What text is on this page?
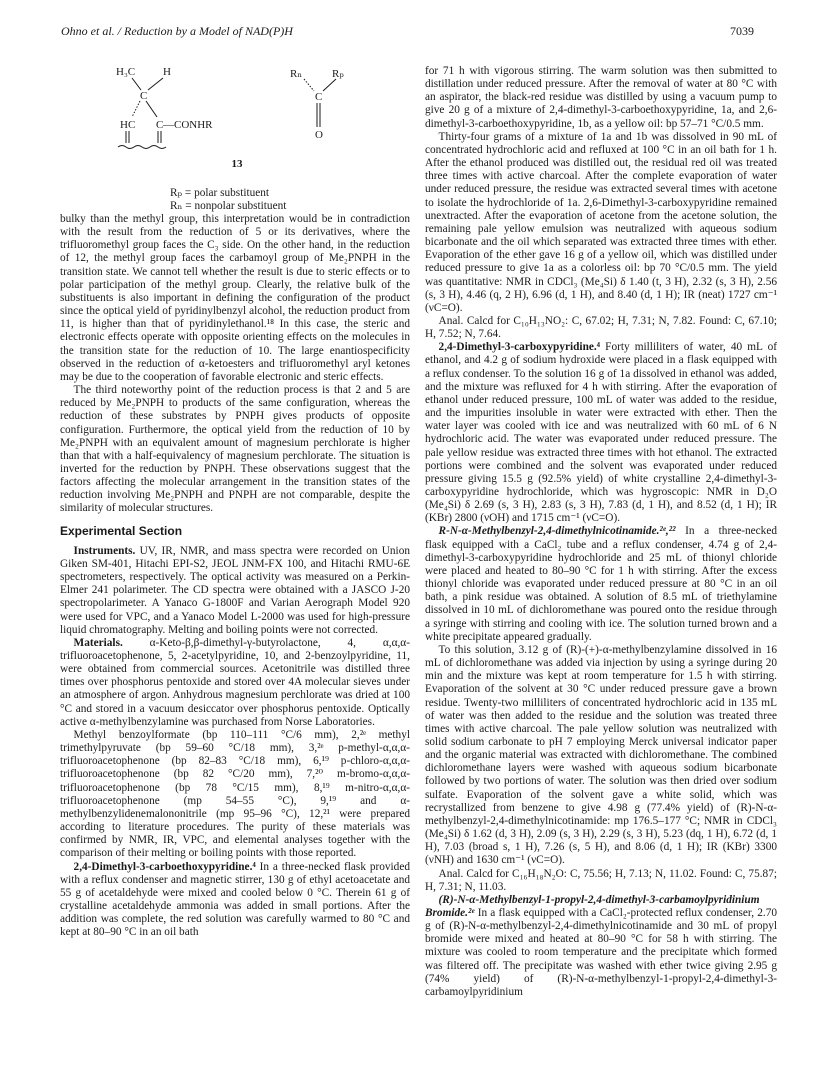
Ohno et al. / Reduction by a Model of NAD(P)H	7039
H₃C	H
C
HC C —CONHR
Rₙ	Rₚ
C
O
13
Rₚ = polar substituent
Rₙ = nonpolar substituent

bulky than the methyl group, this interpretation would be in contradiction with the result from the reduction of 5 or its derivatives, where the trifluoromethyl group faces the C₃ side. On the other hand, in the reduction of 12, the methyl group faces the carbamoyl group of Me₂PNPH in the transition state. We cannot tell whether the result is due to steric effects or to polar participation of the methyl group. Clearly, the relative bulk of the substituents is also important in defining the configuration of the product since the optical yield of pyridinylbenzyl alcohol, the reduction product from 11, is higher than that of pyridinylethanol.¹⁸ In this case, the steric and electronic effects operate with opposite orienting effects on the molecules in the transition state for the reduction of 10. The large enantiospecificity observed in the reduction of α-ketoesters and trifluoromethyl aryl ketones may be due to the cooperation of favorable electronic and steric effects.

The third noteworthy point of the reduction process is that 2 and 5 are reduced by Me₂PNPH to products of the same configuration, whereas the reduction of these substrates by PNPH gives products of opposite configuration. Furthermore, the optical yield from the reduction of 10 by Me₂PNPH with an equivalent amount of magnesium perchlorate is higher than that with a half-equivalency of magnesium perchlorate. The situation is inverted for the reduction by PNPH. These observations suggest that the factors affecting the molecular arrangement in the transition states of the reduction involving Me₂PNPH and PNPH are not comparable, despite the similarity of molecular structures.

Experimental Section

Instruments. UV, IR, NMR, and mass spectra were recorded on Union Giken SM-401, Hitachi EPI-S2, JEOL JNM-FX 100, and Hitachi RMU-6E spectrometers, respectively. The optical activity was measured on a Perkin-Elmer 241 polarimeter. The CD spectra were obtained with a JASCO J-20 spectropolarimeter. A Yanaco G-1800F and Varian Aerograph Model 920 were used for VPC, and a Yanaco Model L-2000 was used for high-pressure liquid chromatography. Melting and boiling points were not corrected.

Materials. α-Keto-β,β-dimethyl-γ-butyrolactone, 4, α,α,α-trifluoroacetophenone, 5, 2-acetylpyridine, 10, and 2-benzoylpyridine, 11, were obtained from commercial sources. Acetonitrile was distilled three times over phosphorus pentoxide and stored over 4A molecular sieves under an atmosphere of argon. Anhydrous magnesium perchlorate was dried at 100 °C and stored in a vacuum desiccator over phosphorus pentoxide. Optically active α-methylbenzylamine was purchased from Norse Laboratories.

Methyl benzoylformate (bp 110–111 °C/6 mm), 2,²ᵉ methyl trimethylpyruvate (bp 59–60 °C/18 mm), 3,²ᵉ p-methyl-α,α,α-trifluoroacetophenone (bp 82–83 °C/18 mm), 6,¹⁹ p-chloro-α,α,α-trifluoroacetophenone (bp 82 °C/20 mm), 7,²⁰ m-bromo-α,α,α-trifluoroacetophenone (bp 78 °C/15 mm), 8,¹⁹ m-nitro-α,α,α-trifluoroacetophenone (mp 54–55 °C), 9,¹⁹ and α-methylbenzylidenemalononitrile (mp 95–96 °C), 12,²¹ were prepared according to literature procedures. The purity of these materials was confirmed by NMR, IR, VPC, and elemental analyses together with the comparison of their melting or boiling points with those reported.

2,4-Dimethyl-3-carboethoxypyridine.⁴ In a three-necked flask provided with a reflux condenser and magnetic stirrer, 130 g of ethyl acetoacetate and 55 g of acetaldehyde were mixed and cooled below 0 °C. Therein 61 g of crystalline acetaldehyde ammonia was added in small portions. After the addition was complete, the red solution was carefully warmed to 80 °C and kept at 80–90 °C in an oil bath

for 71 h with vigorous stirring. The warm solution was then submitted to distillation under reduced pressure. After the removal of water at 80 °C with an aspirator, the black-red residue was distilled by using a vacuum pump to give 20 g of a mixture of 2,4-dimethyl-3-carboethoxypyridine, 1a, and 2,6-dimethyl-3-carboethoxypyridine, 1b, as a yellow oil: bp 57–71 °C/0.5 mm.

Thirty-four grams of a mixture of 1a and 1b was dissolved in 90 mL of concentrated hydrochloric acid and refluxed at 100 °C in an oil bath for 1 h. After the ethanol produced was distilled out, the residual red oil was treated three times with active charcoal. After the complete evaporation of water under reduced pressure, the residue was extracted several times with acetone to isolate the hydrochloride of 1a. 2,6-Dimethyl-3-carboxypyridine remained unextracted. After the evaporation of acetone from the acetone solution, the remaining pale yellow emulsion was neutralized with aqueous sodium bicarbonate and the oil which separated was extracted three times with ether. Evaporation of the ether gave 16 g of a yellow oil, which was distilled under reduced pressure to give 1a as a colorless oil: bp 70 °C/0.5 mm. The yield was quantitative: NMR in CDCl₃ (Me₄Si) δ 1.40 (t, 3 H), 2.32 (s, 3 H), 2.56 (s, 3 H), 4.46 (q, 2 H), 6.96 (d, 1 H), and 8.40 (d, 1 H); IR (neat) 1727 cm⁻¹ (νC=O).

Anal. Calcd for C₁₀H₁₃NO₂: C, 67.02; H, 7.31; N, 7.82. Found: C, 67.10; H, 7.52; N, 7.64.

2,4-Dimethyl-3-carboxypyridine.⁴ Forty milliliters of water, 40 mL of ethanol, and 4.2 g of sodium hydroxide were placed in a flask equipped with a reflux condenser. To the solution 16 g of 1a dissolved in ethanol was added, and the mixture was refluxed for 4 h with stirring. After the evaporation of ethanol under reduced pressure, 100 mL of water was added to the residue, and the impurities insoluble in water were extracted with ether. Then the water layer was cooled with ice and was neutralized with 60 mL of 6 N hydrochloric acid. The water was evaporated under reduced pressure. The pale yellow residue was extracted three times with hot ethanol. The extracted portions were combined and the solvent was evaporated under reduced pressure giving 15.5 g (92.5% yield) of white crystalline 2,4-dimethyl-3-carboxypyridine hydrochloride, which was hygroscopic: NMR in D₂O (Me₄Si) δ 2.69 (s, 3 H), 2.83 (s, 3 H), 7.83 (d, 1 H), and 8.52 (d, 1 H); IR (KBr) 2800 (νOH) and 1715 cm⁻¹ (νC=O).

R-N-α-Methylbenzyl-2,4-dimethylnicotinamide.²ᵉ,²² In a three-necked flask equipped with a CaCl₂ tube and a reflux condenser, 4.74 g of 2,4-dimethyl-3-carboxypyridine hydrochloride and 25 mL of thionyl chloride were placed and heated to 80–90 °C for 1 h with stirring. After the excess thionyl chloride was evaporated under reduced pressure at 80 °C in an oil bath, a pink residue was obtained. A solution of 8.5 mL of triethylamine dissolved in 10 mL of dichloromethane was poured onto the residue through a syringe with stirring and cooling with ice. The solution turned brown and a white precipitate appeared gradually.

To this solution, 3.12 g of (R)-(+)-α-methylbenzylamine dissolved in 16 mL of dichloromethane was added via injection by using a syringe during 20 min and the mixture was kept at room temperature for 1.5 h with stirring. Evaporation of the solvent at 30 °C under reduced pressure gave a brown residue. Twenty-two milliliters of concentrated hydrochloric acid in 135 mL of water was then added to the residue and the solution was treated three times with active charcoal. The pale yellow solution was neutralized with solid sodium carbonate to pH 7 employing Merck universal indicator paper and the organic material was extracted with dichloromethane. The combined dichloromethane layers were washed with aqueous sodium bicarbonate followed by two portions of water. The solution was then dried over sodium sulfate. Evaporation of the solvent gave a white solid, which was recrystallized from benzene to give 4.98 g (77.4% yield) of (R)-N-α-methylbenzyl-2,4-dimethylnicotinamide: mp 176.5–177 °C; NMR in CDCl₃ (Me₄Si) δ 1.62 (d, 3 H), 2.09 (s, 3 H), 2.29 (s, 3 H), 5.23 (dq, 1 H), 6.72 (d, 1 H), 7.03 (broad s, 1 H), 7.26 (s, 5 H), and 8.06 (d, 1 H); IR (KBr) 3300 (νNH) and 1630 cm⁻¹ (νC=O).

Anal. Calcd for C₁₆H₁₈N₂O: C, 75.56; H, 7.13; N, 11.02. Found: C, 75.87; H, 7.31; N, 11.03.

(R)-N-α-Methylbenzyl-1-propyl-2,4-dimethyl-3-carbamoylpyridinium Bromide.²ᵉ In a flask equipped with a CaCl₂-protected reflux condenser, 2.70 g of (R)-N-α-methylbenzyl-2,4-dimethylnicotinamide and 30 mL of propyl bromide were mixed and heated at 80–90 °C for 58 h with stirring. The mixture was cooled to room temperature and the precipitate which formed was filtered off. The precipitate was washed with ether twice giving 2.95 g (74% yield) of (R)-N-α-methylbenzyl-1-propyl-2,4-dimethyl-3-carbamoylpyridinium
